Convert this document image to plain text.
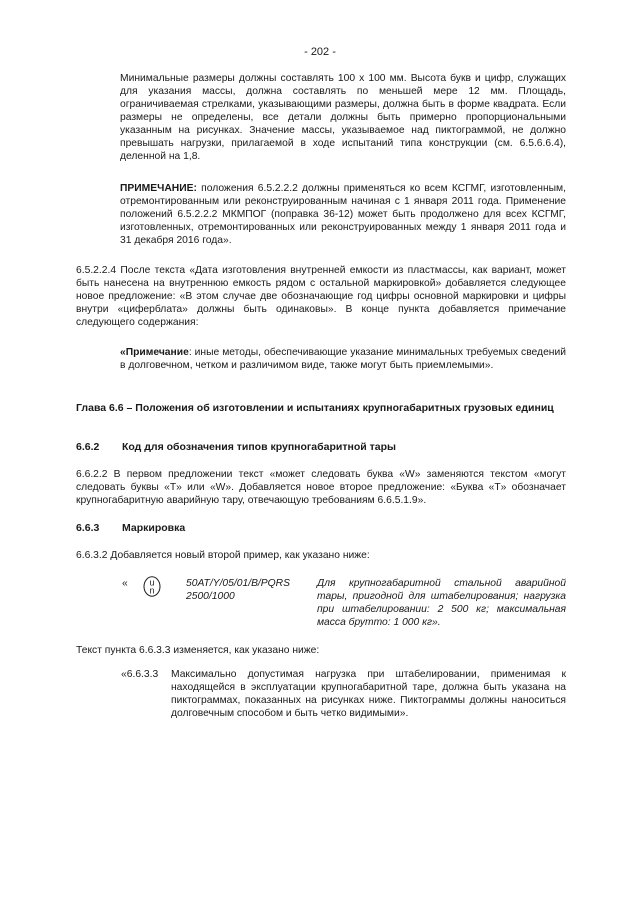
- 202 -

Минимальные размеры должны составлять 100 x 100 мм. Высота букв и цифр, служащих для указания массы, должна составлять по меньшей мере 12 мм. Площадь, ограничиваемая стрелками, указывающими размеры, должна быть в форме квадрата. Если размеры не определены, все детали должны быть примерно пропорциональными указанным на рисунках. Значение массы, указываемое над пиктограммой, не должно превышать нагрузки, прилагаемой в ходе испытаний типа конструкции (см. 6.5.6.6.4), деленной на 1,8.

ПРИМЕЧАНИЕ: положения 6.5.2.2.2 должны применяться ко всем КСГМГ, изготовленным, отремонтированным или реконструированным начиная с 1 января 2011 года. Применение положений 6.5.2.2.2 МКМПОГ (поправка 36-12) может быть продолжено для всех КСГМГ, изготовленных, отремонтированных или реконструированных между 1 января 2011 года и 31 декабря 2016 года».

6.5.2.2.4 После текста «Дата изготовления внутренней емкости из пластмассы, как вариант, может быть нанесена на внутреннюю емкость рядом с остальной маркировкой» добавляется следующее новое предложение: «В этом случае две обозначающие год цифры основной маркировки и цифры внутри «циферблата» должны быть одинаковы». В конце пункта добавляется примечание следующего содержания:

«Примечание: иные методы, обеспечивающие указание минимальных требуемых сведений в долговечном, четком и различимом виде, также могут быть приемлемыми».

Глава 6.6 – Положения об изготовлении и испытаниях крупногабаритных грузовых единиц
6.6.2 Код для обозначения типов крупногабаритной тары

6.6.2.2 В первом предложении текст «может следовать буква «W» заменяются текстом «могут следовать буквы «T» или «W». Добавляется новое второе предложение: «Буква «T» обозначает крупногабаритную аварийную тару, отвечающую требованиям 6.6.5.1.9».

6.6.3 Маркировка

6.6.3.2 Добавляется новый второй пример, как указано ниже:

« u
n
50AT/Y/05/01/B/PQRS
2500/1000
Для крупногабаритной стальной аварийной тары, пригодной для штабелирования; нагрузка при штабелировании: 2 500 кг; максимальная масса брутто: 1 000 кг».

Текст пункта 6.6.3.3 изменяется, как указано ниже:

«6.6.3.3 Максимально допустимая нагрузка при штабелировании, применимая к находящейся в эксплуатации крупногабаритной таре, должна быть указана на пиктограммах, показанных на рисунках ниже. Пиктограммы должны наноситься долговечным способом и быть четко видимыми».
